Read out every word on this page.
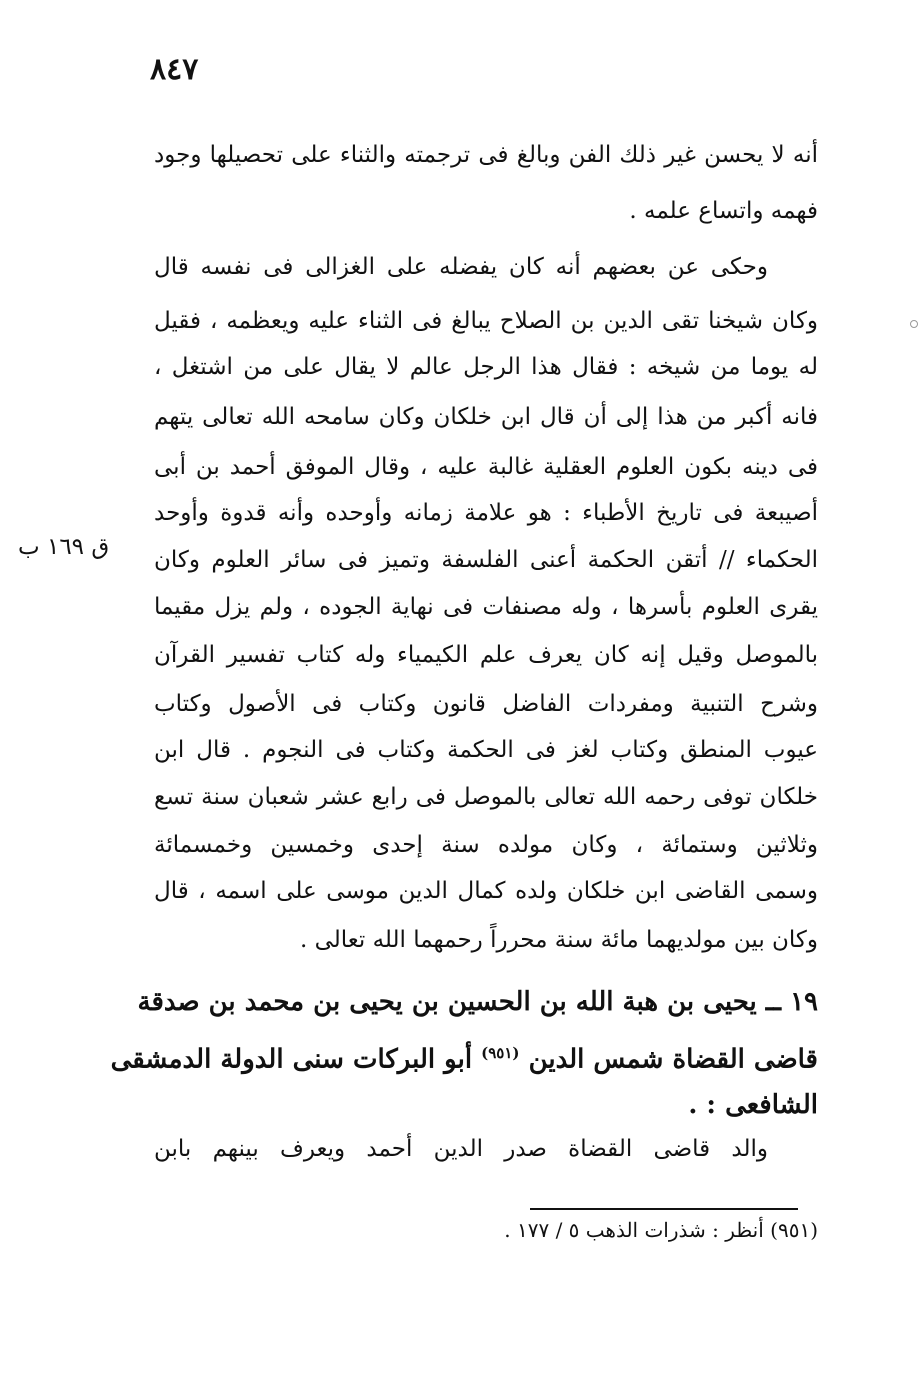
٨٤٧
أنه لا يحسن غير ذلك الفن وبالغ فى ترجمته والثناء على تحصيلها وجود
فهمه واتساع علمه .
وحكى عن بعضهم أنه كان يفضله على الغزالى فى نفسه قال
وكان شيخنا تقى الدين بن الصلاح يبالغ فى الثناء عليه ويعظمه ، فقيل
له يوما من شيخه : فقال هذا الرجل عالم لا يقال على من اشتغل ،
فانه أكبر من هذا إلى أن قال ابن خلكان وكان سامحه الله تعالى يتهم
فى دينه بكون العلوم العقلية غالبة عليه ، وقال الموفق أحمد بن أبى
أصيبعة فى تاريخ الأطباء : هو علامة زمانه وأوحده وأنه قدوة وأوحد
الحكماء // أتقن الحكمة أعنى الفلسفة وتميز فى سائر العلوم وكان
يقرى العلوم بأسرها ، وله مصنفات فى نهاية الجوده ، ولم يزل مقيما
بالموصل وقيل إنه كان يعرف علم الكيمياء وله كتاب تفسير القرآن
وشرح التنبية ومفردات الفاضل قانون وكتاب فى الأصول وكتاب
عيوب المنطق وكتاب لغز فى الحكمة وكتاب فى النجوم . قال ابن
خلكان توفى رحمه الله تعالى بالموصل فى رابع عشر شعبان سنة تسع
وثلاثين وستمائة ، وكان مولده سنة إحدى وخمسين وخمسمائة
وسمى القاضى ابن خلكان ولده كمال الدين موسى على اسمه ، قال
وكان بين مولديهما مائة سنة محرراً رحمهما الله تعالى .
ق ١٦٩ ب
١٩ ــ يحيى بن هبة الله بن الحسين بن يحيى بن محمد بن صدقة
قاضى القضاة شمس الدين $^{(٩٥١)}$ أبو البركات سنى الدولة الدمشقى
الشافعى : .
والد قاضى القضاة صدر الدين أحمد ويعرف بينهم بابن
(٩٥١) أنظر : شذرات الذهب ٥ / ١٧٧ .
